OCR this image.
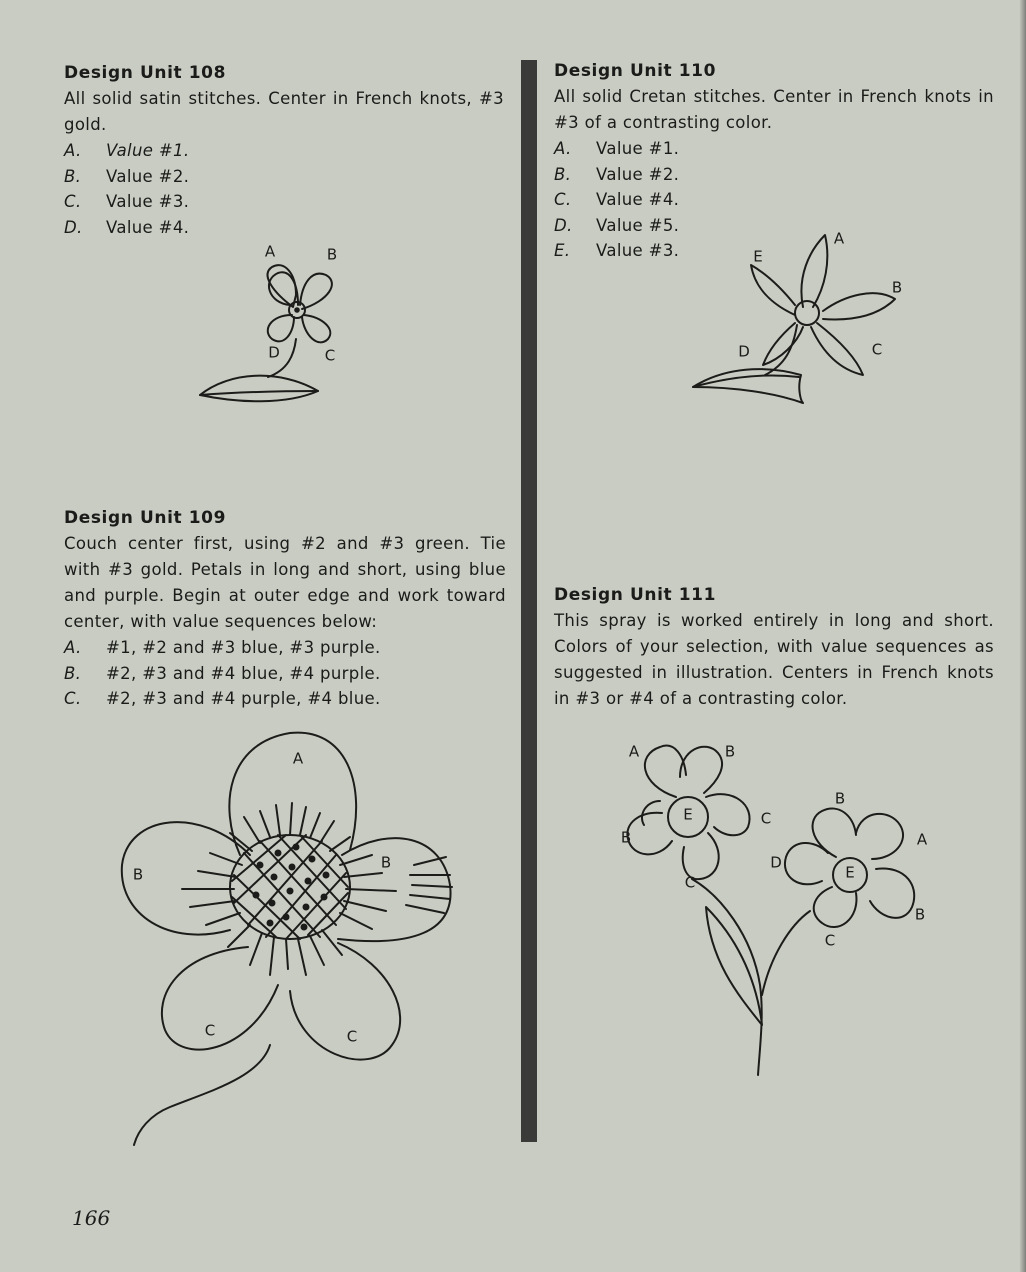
Design Unit 108

All solid satin stitches. Center in French knots, #3 gold.

A.	Value #1.
B.	Value #2.
C.	Value #3.
D.	Value #4.
A	B
D	C

Design Unit 109

Couch center first, using #2 and #3 green. Tie with #3 gold. Petals in long and short, using blue and purple. Begin at outer edge and work toward center, with value sequences below:

A.	#1, #2 and #3 blue, #3 purple.
B.	#2, #3 and #4 blue, #4 purple.
C.	#2, #3 and #4 purple, #4 blue.
A
B
B
C	C

Design Unit 110

All solid Cretan stitches. Center in French knots in #3 of a contrasting color.

A.	Value #1.
B.	Value #2.
C.	Value #4.
D.	Value #5.
E.	Value #3.
A
B
C
D
E

Design Unit 111

This spray is worked entirely in long and short. Colors of your selection, with value sequences as suggested in illustration. Centers in French knots in #3 or #4 of a contrasting color.

A	B
E
B
C
C
D
B
A
E
B
C
166
